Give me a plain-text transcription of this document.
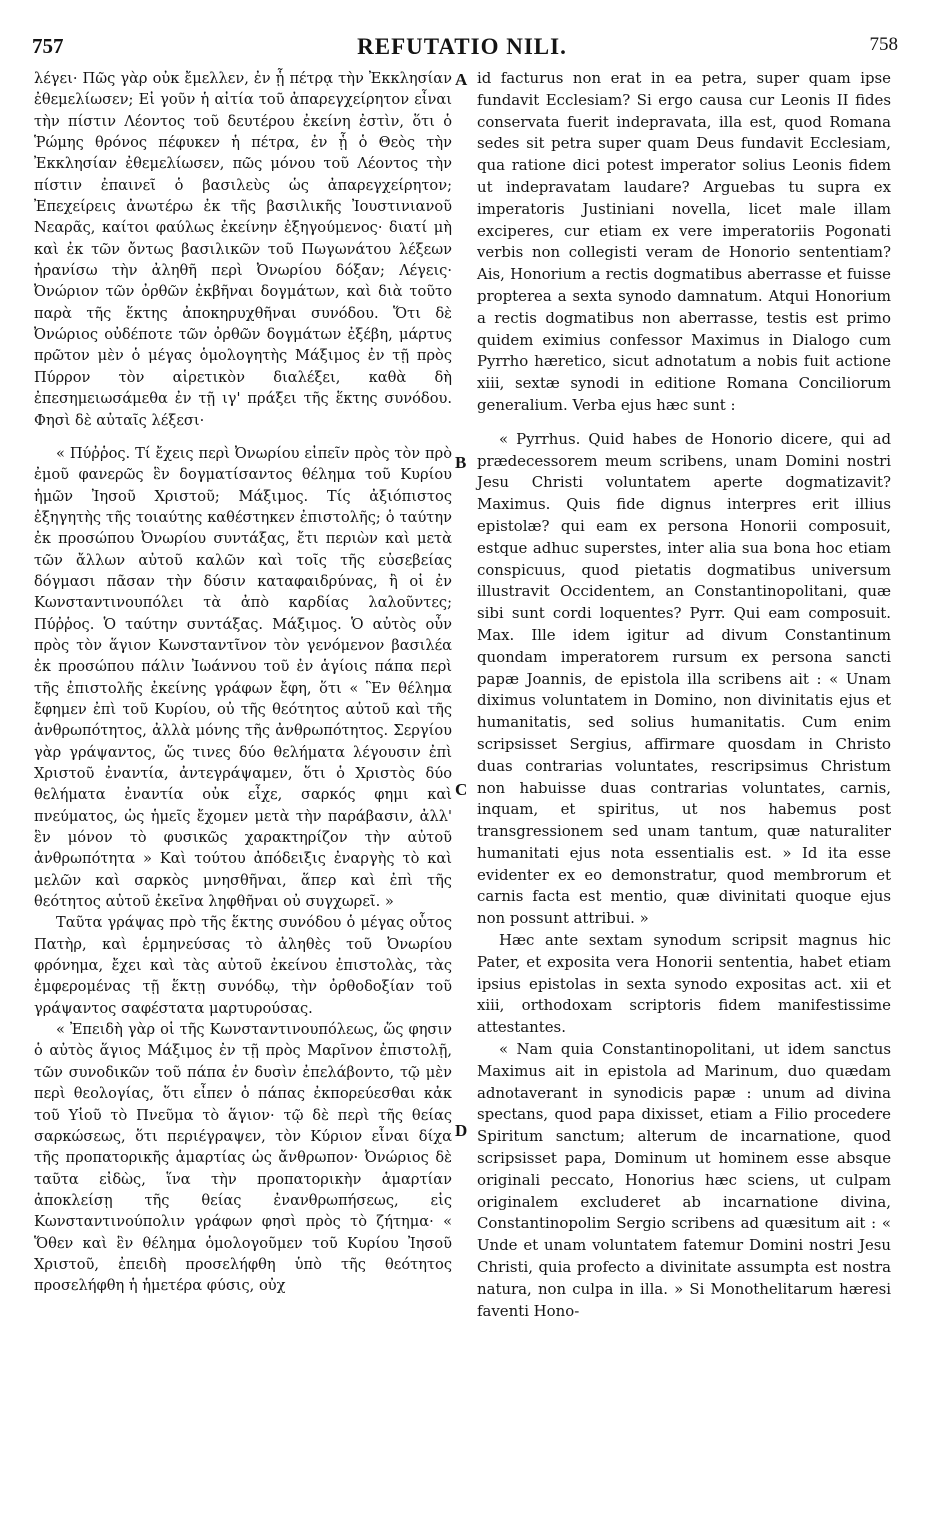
757	REFUTATIO NILI.	758

λέγει· Πῶς γὰρ οὐκ ἔμελλεν, ἐν ᾗ πέτρᾳ τὴν Ἐκκλησίαν ἐθεμελίωσεν; Εἰ γοῦν ἡ αἰτία τοῦ ἀπαρεγχείρητον εἶναι τὴν πίστιν Λέοντος τοῦ δευτέρου ἐκείνη ἐστὶν, ὅτι ὁ Ῥώμης θρόνος πέφυκεν ἡ πέτρα, ἐν ᾗ ὁ Θεὸς τὴν Ἐκκλησίαν ἐθεμελίωσεν, πῶς μόνου τοῦ Λέοντος τὴν πίστιν ἐπαινεῖ ὁ βασιλεὺς ὡς ἀπαρεγχείρητον; Ἐπεχείρεις ἀνωτέρω ἐκ τῆς βασιλικῆς Ἰουστινιανοῦ Νεαρᾶς, καίτοι φαύλως ἐκείνην ἐξηγούμενος· διατί μὴ καὶ ἐκ τῶν ὄντως βασιλικῶν τοῦ Πωγωνάτου λέξεων ἠρανίσω τὴν ἀληθῆ περὶ Ὀνωρίου δόξαν; Λέγεις· Ὀνώριον τῶν ὀρθῶν ἐκβῆναι δογμάτων, καὶ διὰ τοῦτο παρὰ τῆς ἕκτης ἀποκηρυχθῆναι συνόδου. Ὅτι δὲ Ὀνώριος οὐδέποτε τῶν ὀρθῶν δογμάτων ἐξέβη, μάρτυς πρῶτον μὲν ὁ μέγας ὁμολογητὴς Μάξιμος ἐν τῇ πρὸς Πύρρον τὸν αἱρετικὸν διαλέξει, καθὰ δὴ ἐπεσημειωσάμεθα ἐν τῇ ιγ' πράξει τῆς ἕκτης συνόδου. Φησὶ δὲ αὐταῖς λέξεσι·

« Πύῤῥος. Τί ἔχεις περὶ Ὀνωρίου εἰπεῖν πρὸς τὸν πρὸ ἐμοῦ φανερῶς ἓν δογματίσαντος θέλημα τοῦ Κυρίου ἡμῶν Ἰησοῦ Χριστοῦ; Μάξιμος. Τίς ἀξιόπιστος ἐξηγητὴς τῆς τοιαύτης καθέστηκεν ἐπιστολῆς; ὁ ταύτην ἐκ προσώπου Ὀνωρίου συντάξας, ἔτι περιὼν καὶ μετὰ τῶν ἄλλων αὐτοῦ καλῶν καὶ τοῖς τῆς εὐσεβείας δόγμασι πᾶσαν τὴν δύσιν καταφαιδρύνας, ἢ οἱ ἐν Κωνσταντινουπόλει τὰ ἀπὸ καρδίας λαλοῦντες; Πύῤῥος. Ὁ ταύτην συντάξας. Μάξιμος. Ὁ αὐτὸς οὖν πρὸς τὸν ἅγιον Κωνσταντῖνον τὸν γενόμενον βασιλέα ἐκ προσώπου πάλιν Ἰωάννου τοῦ ἐν ἁγίοις πάπα περὶ τῆς ἐπιστολῆς ἐκείνης γράφων ἔφη, ὅτι « Ἓν θέλημα ἔφημεν ἐπὶ τοῦ Κυρίου, οὐ τῆς θεότητος αὐτοῦ καὶ τῆς ἀνθρωπότητος, ἀλλὰ μόνης τῆς ἀνθρωπότητος. Σεργίου γὰρ γράψαντος, ὥς τινες δύο θελήματα λέγουσιν ἐπὶ Χριστοῦ ἐναντία, ἀντεγράψαμεν, ὅτι ὁ Χριστὸς δύο θελήματα ἐναντία οὐκ εἶχε, σαρκός φημι καὶ πνεύματος, ὡς ἡμεῖς ἔχομεν μετὰ τὴν παράβασιν, ἀλλ' ἓν μόνον τὸ φυσικῶς χαρακτηρίζον τὴν αὐτοῦ ἀνθρωπότητα » Καὶ τούτου ἀπόδειξις ἐναργὴς τὸ καὶ μελῶν καὶ σαρκὸς μνησθῆναι, ἅπερ καὶ ἐπὶ τῆς θεότητος αὐτοῦ ἐκεῖνα ληφθῆναι οὐ συγχωρεῖ. »

Ταῦτα γράψας πρὸ τῆς ἕκτης συνόδου ὁ μέγας οὗτος Πατὴρ, καὶ ἑρμηνεύσας τὸ ἀληθὲς τοῦ Ὀνωρίου φρόνημα, ἔχει καὶ τὰς αὐτοῦ ἐκείνου ἐπιστολὰς, τὰς ἐμφερομένας τῇ ἕκτῃ συνόδῳ, τὴν ὀρθοδοξίαν τοῦ γράψαντος σαφέστατα μαρτυρούσας.

« Ἐπειδὴ γὰρ οἱ τῆς Κωνσταντινουπόλεως, ὥς φησιν ὁ αὐτὸς ἅγιος Μάξιμος ἐν τῇ πρὸς Μαρῖνον ἐπιστολῇ, τῶν συνοδικῶν τοῦ πάπα ἐν δυσὶν ἐπελάβοντο, τῷ μὲν περὶ θεολογίας, ὅτι εἶπεν ὁ πάπας ἐκπορεύεσθαι κἀκ τοῦ Υἱοῦ τὸ Πνεῦμα τὸ ἅγιον· τῷ δὲ περὶ τῆς θείας σαρκώσεως, ὅτι περιέγραψεν, τὸν Κύριον εἶναι δίχα τῆς προπατορικῆς ἁμαρτίας ὡς ἄνθρωπον· Ὀνώριος δὲ ταῦτα εἰδὼς, ἵνα τὴν προπατορικὴν ἁμαρτίαν ἀποκλείσῃ τῆς θείας ἐνανθρωπήσεως, εἰς Κωνσταντινούπολιν γράφων φησὶ πρὸς τὸ ζήτημα· « Ὅθεν καὶ ἓν θέλημα ὁμολογοῦμεν τοῦ Κυρίου Ἰησοῦ Χριστοῦ, ἐπειδὴ προσελήφθη ὑπὸ τῆς θεότητος προσελήφθη ἡ ἡμετέρα φύσις, οὐχ

A
B
C
D

id facturus non erat in ea petra, super quam ipse fundavit Ecclesiam? Si ergo causa cur Leonis II fides conservata fuerit indepravata, illa est, quod Romana sedes sit petra super quam Deus fundavit Ecclesiam, qua ratione dici potest imperator solius Leonis fidem ut indepravatam laudare? Arguebas tu supra ex imperatoris Justiniani novella, licet male illam exciperes, cur etiam ex vere imperatoriis Pogonati verbis non collegisti veram de Honorio sententiam? Ais, Honorium a rectis dogmatibus aberrasse et fuisse propterea a sexta synodo damnatum. Atqui Honorium a rectis dogmatibus non aberrasse, testis est primo quidem eximius confessor Maximus in Dialogo cum Pyrrho hæretico, sicut adnotatum a nobis fuit actione xiii, sextæ synodi in editione Romana Conciliorum generalium. Verba ejus hæc sunt :

« Pyrrhus. Quid habes de Honorio dicere, qui ad prædecessorem meum scribens, unam Domini nostri Jesu Christi voluntatem aperte dogmatizavit? Maximus. Quis fide dignus interpres erit illius epistolæ? qui eam ex persona Honorii composuit, estque adhuc superstes, inter alia sua bona hoc etiam conspicuus, quod pietatis dogmatibus universum illustravit Occidentem, an Constantinopolitani, quæ sibi sunt cordi loquentes? Pyrr. Qui eam composuit. Max. Ille idem igitur ad divum Constantinum quondam imperatorem rursum ex persona sancti papæ Joannis, de epistola illa scribens ait : « Unam diximus voluntatem in Domino, non divinitatis ejus et humanitatis, sed solius humanitatis. Cum enim scripsisset Sergius, affirmare quosdam in Christo duas contrarias voluntates, rescripsimus Christum non habuisse duas contrarias voluntates, carnis, inquam, et spiritus, ut nos habemus post transgressionem sed unam tantum, quæ naturaliter humanitati ejus nota essentialis est. » Id ita esse evidenter ex eo demonstratur, quod membrorum et carnis facta est mentio, quæ divinitati quoque ejus non possunt attribui. »

Hæc ante sextam synodum scripsit magnus hic Pater, et exposita vera Honorii sententia, habet etiam ipsius epistolas in sexta synodo expositas act. xii et xiii, orthodoxam scriptoris fidem manifestissime attestantes.

« Nam quia Constantinopolitani, ut idem sanctus Maximus ait in epistola ad Marinum, duo quædam adnotaverant in synodicis papæ : unum ad divina spectans, quod papa dixisset, etiam a Filio procedere Spiritum sanctum; alterum de incarnatione, quod scripsisset papa, Dominum ut hominem esse absque originali peccato, Honorius hæc sciens, ut culpam originalem excluderet ab incarnatione divina, Constantinopolim Sergio scribens ad quæsitum ait : « Unde et unam voluntatem fatemur Domini nostri Jesu Christi, quia profecto a divinitate assumpta est nostra natura, non culpa in illa. » Si Monothelitarum hæresi faventi Hono-
